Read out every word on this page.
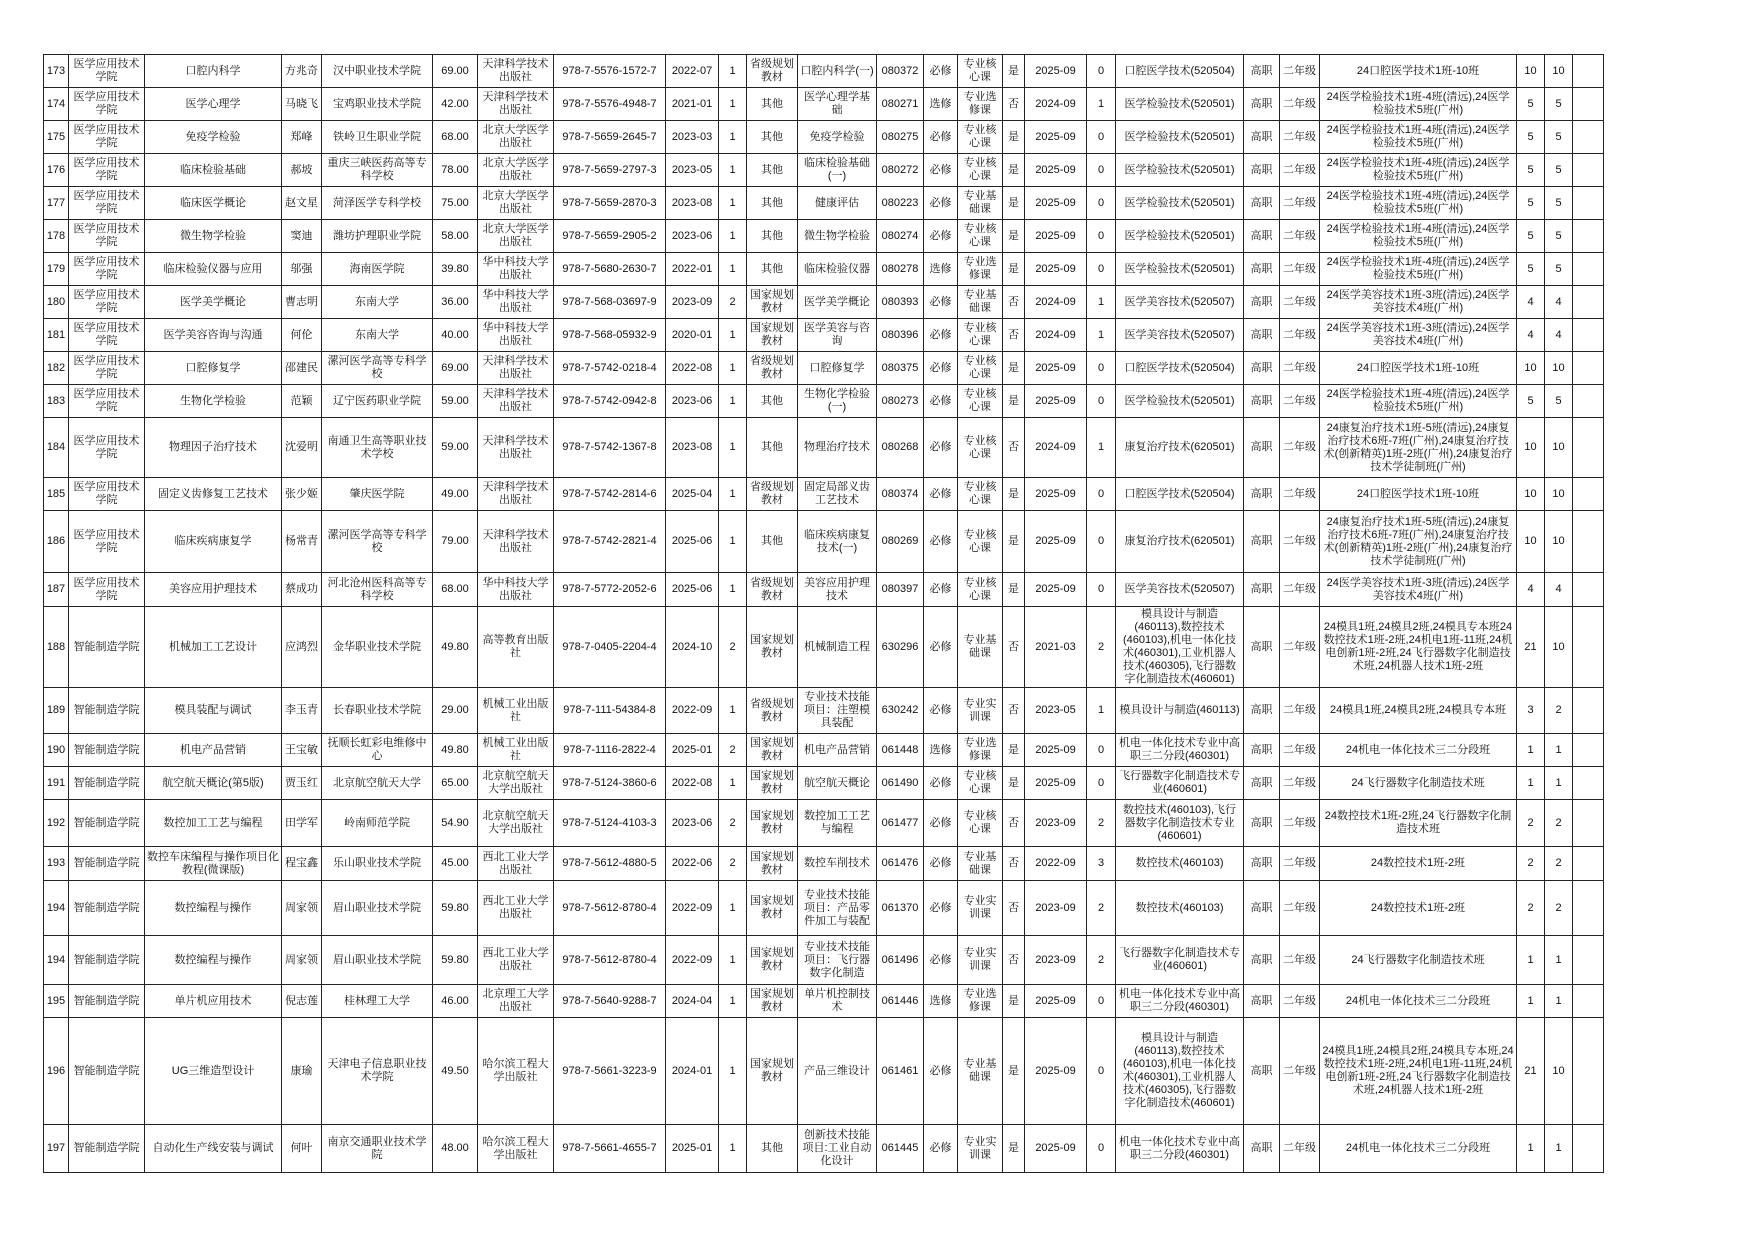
173	医学应用技术学院	口腔内科学	方兆奇	汉中职业技术学院	69.00	天津科学技术出版社	978-7-5576-1572-7	2022-07	1	省级规划教材	口腔内科学(一)	080372	必修	专业核心课	是	2025-09	0	口腔医学技术(520504)	高职	二年级	24口腔医学技术1班-10班	10	10	
174	医学应用技术学院	医学心理学	马晓飞	宝鸡职业技术学院	42.00	天津科学技术出版社	978-7-5576-4948-7	2021-01	1	其他	医学心理学基础	080271	选修	专业选修课	否	2024-09	1	医学检验技术(520501)	高职	二年级	24医学检验技术1班-4班(清远),24医学检验技术5班(广州)	5	5	
175	医学应用技术学院	免疫学检验	郑峰	铁岭卫生职业学院	68.00	北京大学医学出版社	978-7-5659-2645-7	2023-03	1	其他	免疫学检验	080275	必修	专业核心课	是	2025-09	0	医学检验技术(520501)	高职	二年级	24医学检验技术1班-4班(清远),24医学检验技术5班(广州)	5	5	
176	医学应用技术学院	临床检验基础	郝坡	重庆三峡医药高等专科学校	78.00	北京大学医学出版社	978-7-5659-2797-3	2023-05	1	其他	临床检验基础(一)	080272	必修	专业核心课	是	2025-09	0	医学检验技术(520501)	高职	二年级	24医学检验技术1班-4班(清远),24医学检验技术5班(广州)	5	5	
177	医学应用技术学院	临床医学概论	赵文星	菏泽医学专科学校	75.00	北京大学医学出版社	978-7-5659-2870-3	2023-08	1	其他	健康评估	080223	必修	专业基础课	是	2025-09	0	医学检验技术(520501)	高职	二年级	24医学检验技术1班-4班(清远),24医学检验技术5班(广州)	5	5	
178	医学应用技术学院	微生物学检验	窦迪	潍坊护理职业学院	58.00	北京大学医学出版社	978-7-5659-2905-2	2023-06	1	其他	微生物学检验	080274	必修	专业核心课	是	2025-09	0	医学检验技术(520501)	高职	二年级	24医学检验技术1班-4班(清远),24医学检验技术5班(广州)	5	5	
179	医学应用技术学院	临床检验仪器与应用	邬强	海南医学院	39.80	华中科技大学出版社	978-7-5680-2630-7	2022-01	1	其他	临床检验仪器	080278	选修	专业选修课	是	2025-09	0	医学检验技术(520501)	高职	二年级	24医学检验技术1班-4班(清远),24医学检验技术5班(广州)	5	5	
180	医学应用技术学院	医学美学概论	曹志明	东南大学	36.00	华中科技大学出版社	978-7-568-03697-9	2023-09	2	国家规划教材	医学美学概论	080393	必修	专业基础课	否	2024-09	1	医学美容技术(520507)	高职	二年级	24医学美容技术1班-3班(清远),24医学美容技术4班(广州)	4	4	
181	医学应用技术学院	医学美容咨询与沟通	何伦	东南大学	40.00	华中科技大学出版社	978-7-568-05932-9	2020-01	1	国家规划教材	医学美容与咨询	080396	必修	专业核心课	否	2024-09	1	医学美容技术(520507)	高职	二年级	24医学美容技术1班-3班(清远),24医学美容技术4班(广州)	4	4	
182	医学应用技术学院	口腔修复学	邵建民	漯河医学高等专科学校	69.00	天津科学技术出版社	978-7-5742-0218-4	2022-08	1	省级规划教材	口腔修复学	080375	必修	专业核心课	是	2025-09	0	口腔医学技术(520504)	高职	二年级	24口腔医学技术1班-10班	10	10	
183	医学应用技术学院	生物化学检验	范颖	辽宁医药职业学院	59.00	天津科学技术出版社	978-7-5742-0942-8	2023-06	1	其他	生物化学检验(一)	080273	必修	专业核心课	是	2025-09	0	医学检验技术(520501)	高职	二年级	24医学检验技术1班-4班(清远),24医学检验技术5班(广州)	5	5	
184	医学应用技术学院	物理因子治疗技术	沈爱明	南通卫生高等职业技术学校	59.00	天津科学技术出版社	978-7-5742-1367-8	2023-08	1	其他	物理治疗技术	080268	必修	专业核心课	否	2024-09	1	康复治疗技术(620501)	高职	二年级	24康复治疗技术1班-5班(清远),24康复治疗技术6班-7班(广州),24康复治疗技术(创新精英)1班-2班(广州),24康复治疗技术学徒制班(广州)	10	10	
185	医学应用技术学院	固定义齿修复工艺技术	张少姬	肇庆医学院	49.00	天津科学技术出版社	978-7-5742-2814-6	2025-04	1	省级规划教材	固定局部义齿工艺技术	080374	必修	专业核心课	是	2025-09	0	口腔医学技术(520504)	高职	二年级	24口腔医学技术1班-10班	10	10	
186	医学应用技术学院	临床疾病康复学	杨常青	漯河医学高等专科学校	79.00	天津科学技术出版社	978-7-5742-2821-4	2025-06	1	其他	临床疾病康复技术(一)	080269	必修	专业核心课	是	2025-09	0	康复治疗技术(620501)	高职	二年级	24康复治疗技术1班-5班(清远),24康复治疗技术6班-7班(广州),24康复治疗技术(创新精英)1班-2班(广州),24康复治疗技术学徒制班(广州)	10	10	
187	医学应用技术学院	美容应用护理技术	蔡成功	河北沧州医科高等专科学校	68.00	华中科技大学出版社	978-7-5772-2052-6	2025-06	1	省级规划教材	美容应用护理技术	080397	必修	专业核心课	是	2025-09	0	医学美容技术(520507)	高职	二年级	24医学美容技术1班-3班(清远),24医学美容技术4班(广州)	4	4	
188	智能制造学院	机械加工工艺设计	应鸿烈	金华职业技术学院	49.80	高等教育出版社	978-7-0405-2204-4	2024-10	2	国家规划教材	机械制造工程	630296	必修	专业基础课	否	2021-03	2	模具设计与制造(460113),数控技术(460103),机电一体化技术(460301),工业机器人技术(460305),飞行器数字化制造技术(460601)	高职	二年级	24模具1班,24模具2班,24模具专本班24数控技术1班-2班,24机电1班-11班,24机电创新1班-2班,24飞行器数字化制造技术班,24机器人技术1班-2班	21	10	
189	智能制造学院	模具装配与调试	李玉青	长春职业技术学院	29.00	机械工业出版社	978-7-111-54384-8	2022-09	1	省级规划教材	专业技术技能项目：注塑模具装配	630242	必修	专业实训课	否	2023-05	1	模具设计与制造(460113)	高职	二年级	24模具1班,24模具2班,24模具专本班	3	2	
190	智能制造学院	机电产品营销	王宝敏	抚顺长虹彩电维修中心	49.80	机械工业出版社	978-7-1116-2822-4	2025-01	2	国家规划教材	机电产品营销	061448	选修	专业选修课	是	2025-09	0	机电一体化技术专业中高职三二分段(460301)	高职	二年级	24机电一体化技术三二分段班	1	1	
191	智能制造学院	航空航天概论(第5版)	贾玉红	北京航空航天大学	65.00	北京航空航天大学出版社	978-7-5124-3860-6	2022-08	1	国家规划教材	航空航天概论	061490	必修	专业核心课	是	2025-09	0	飞行器数字化制造技术专业(460601)	高职	二年级	24飞行器数字化制造技术班	1	1	
192	智能制造学院	数控加工工艺与编程	田学军	岭南师范学院	54.90	北京航空航天大学出版社	978-7-5124-4103-3	2023-06	2	国家规划教材	数控加工工艺与编程	061477	必修	专业核心课	否	2023-09	2	数控技术(460103),飞行器数字化制造技术专业(460601)	高职	二年级	24数控技术1班-2班,24飞行器数字化制造技术班	2	2	
193	智能制造学院	数控车床编程与操作项目化教程(微课版)	程宝鑫	乐山职业技术学院	45.00	西北工业大学出版社	978-7-5612-4880-5	2022-06	2	国家规划教材	数控车削技术	061476	必修	专业基础课	否	2022-09	3	数控技术(460103)	高职	二年级	24数控技术1班-2班	2	2	
194	智能制造学院	数控编程与操作	周家领	眉山职业技术学院	59.80	西北工业大学出版社	978-7-5612-8780-4	2022-09	1	国家规划教材	专业技术技能项目：产品零件加工与装配	061370	必修	专业实训课	否	2023-09	2	数控技术(460103)	高职	二年级	24数控技术1班-2班	2	2	
194	智能制造学院	数控编程与操作	周家领	眉山职业技术学院	59.80	西北工业大学出版社	978-7-5612-8780-4	2022-09	1	国家规划教材	专业技术技能项目：飞行器数字化制造	061496	必修	专业实训课	否	2023-09	2	飞行器数字化制造技术专业(460601)	高职	二年级	24飞行器数字化制造技术班	1	1	
195	智能制造学院	单片机应用技术	倪志莲	桂林理工大学	46.00	北京理工大学出版社	978-7-5640-9288-7	2024-04	1	国家规划教材	单片机控制技术	061446	选修	专业选修课	是	2025-09	0	机电一体化技术专业中高职三二分段(460301)	高职	二年级	24机电一体化技术三二分段班	1	1	
196	智能制造学院	UG三维造型设计	康瑜	天津电子信息职业技术学院	49.50	哈尔滨工程大学出版社	978-7-5661-3223-9	2024-01	1	国家规划教材	产品三维设计	061461	必修	专业基础课	是	2025-09	0	模具设计与制造(460113),数控技术(460103),机电一体化技术(460301),工业机器人技术(460305),飞行器数字化制造技术(460601)	高职	二年级	24模具1班,24模具2班,24模具专本班,24数控技术1班-2班,24机电1班-11班,24机电创新1班-2班,24飞行器数字化制造技术班,24机器人技术1班-2班	21	10	
197	智能制造学院	自动化生产线安装与调试	何叶	南京交通职业技术学院	48.00	哈尔滨工程大学出版社	978-7-5661-4655-7	2025-01	1	其他	创新技术技能项目:工业自动化设计	061445	必修	专业实训课	是	2025-09	0	机电一体化技术专业中高职三二分段(460301)	高职	二年级	24机电一体化技术三二分段班	1	1	
